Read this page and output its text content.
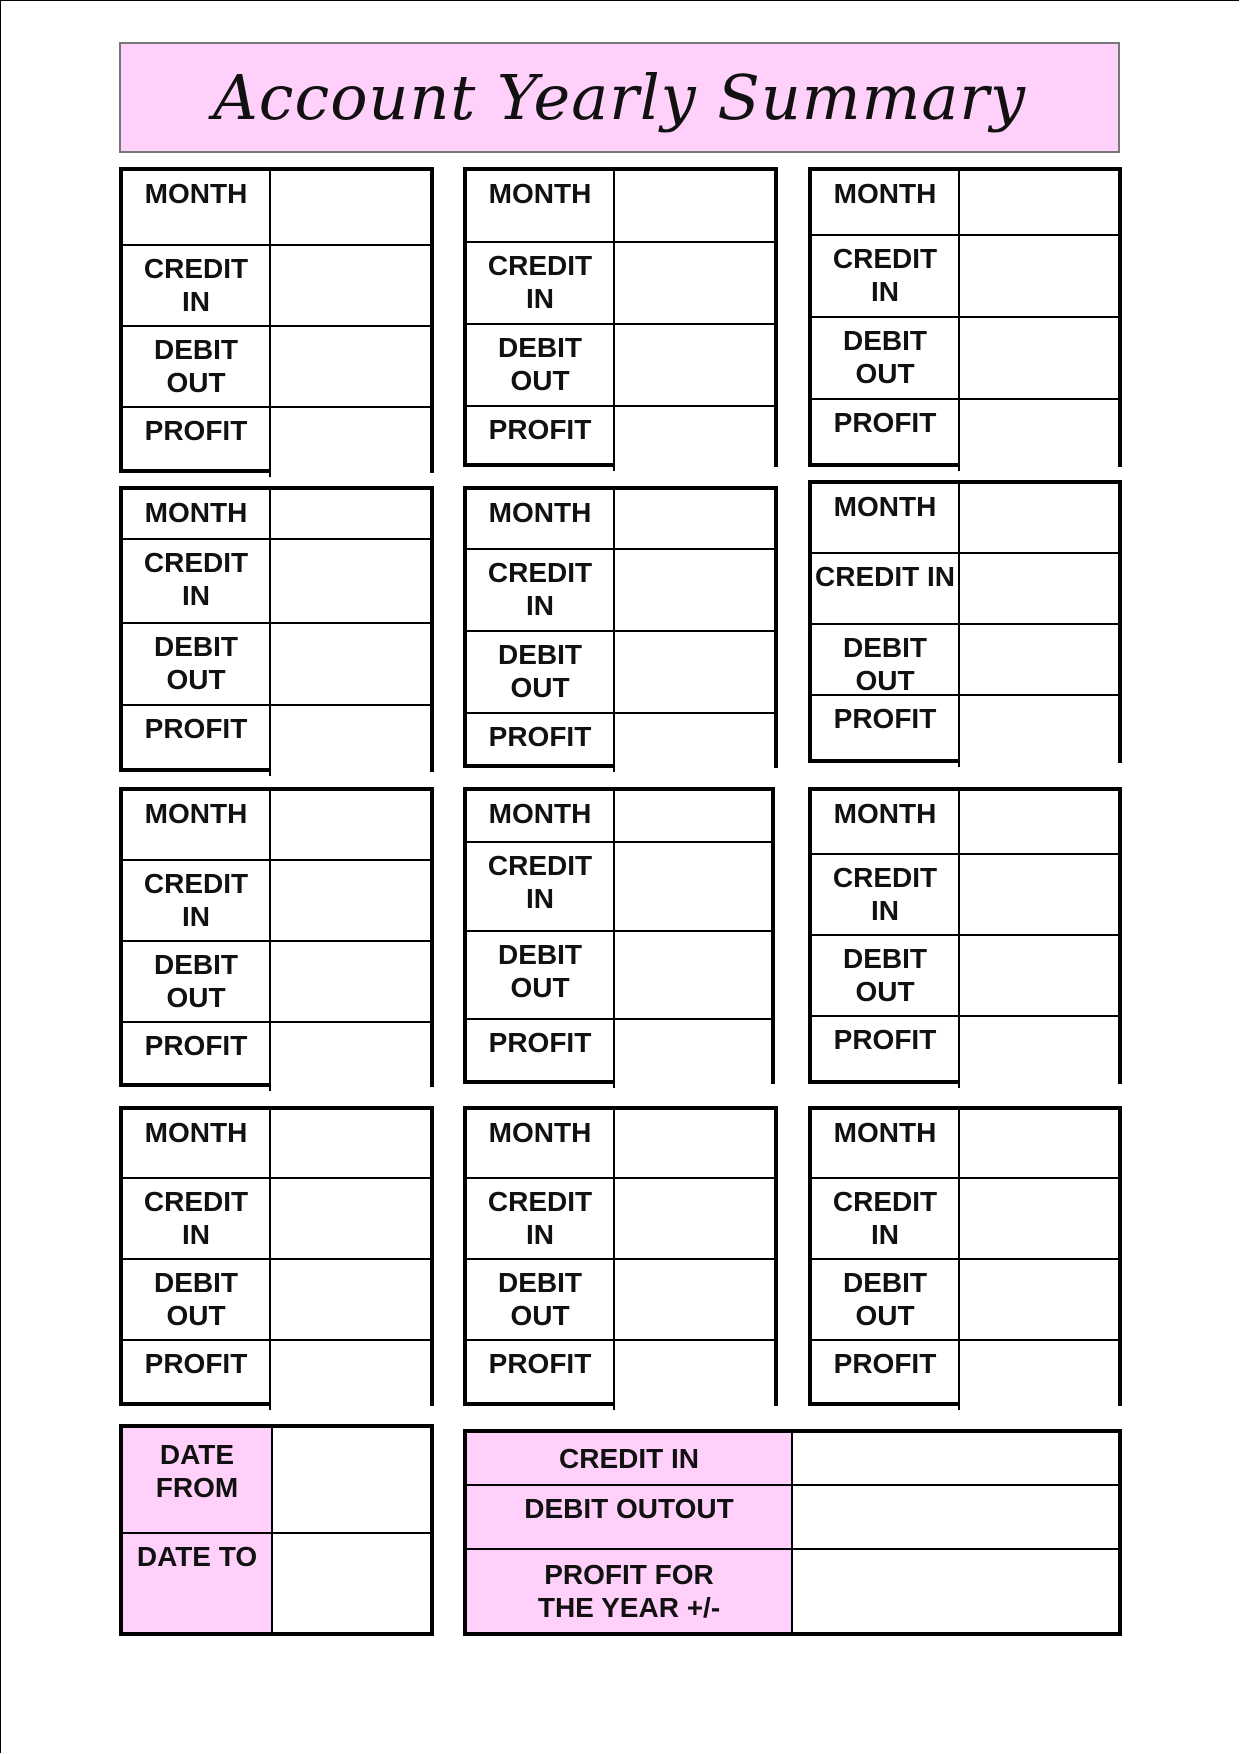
Account Yearly Summary
MONTH
CREDIT
IN
DEBIT
OUT
PROFIT
MONTH
CREDIT
IN
DEBIT
OUT
PROFIT
MONTH
CREDIT
IN
DEBIT
OUT
PROFIT
MONTH
CREDIT
IN
DEBIT
OUT
PROFIT
MONTH
CREDIT
IN
DEBIT
OUT
PROFIT
MONTH
CREDIT IN
DEBIT OUT
PROFIT
MONTH
CREDIT
IN
DEBIT
OUT
PROFIT
MONTH
CREDIT
IN
DEBIT
OUT
PROFIT
MONTH
CREDIT
IN
DEBIT
OUT
PROFIT
MONTH
CREDIT
IN
DEBIT
OUT
PROFIT
MONTH
CREDIT
IN
DEBIT
OUT
PROFIT
MONTH
CREDIT
IN
DEBIT
OUT
PROFIT
DATE
FROM
DATE TO
CREDIT IN
DEBIT OUTOUT
PROFIT FOR
THE YEAR +/-
